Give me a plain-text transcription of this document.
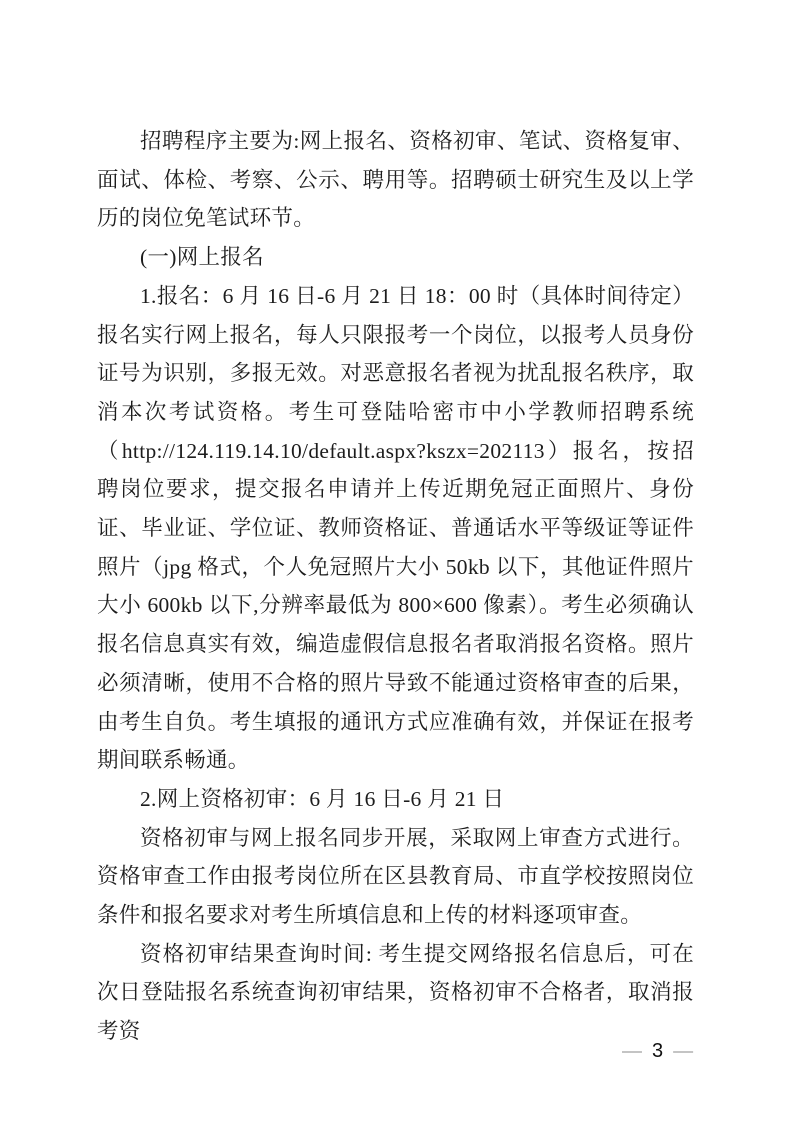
招聘程序主要为:网上报名、资格初审、笔试、资格复审、面试、体检、考察、公示、聘用等。招聘硕士研究生及以上学历的岗位免笔试环节。
(一)网上报名
1.报名：6 月 16 日-6 月 21 日 18：00 时（具体时间待定）报名实行网上报名，每人只限报考一个岗位，以报考人员身份证号为识别，多报无效。对恶意报名者视为扰乱报名秩序，取消本次考试资格。考生可登陆哈密市中小学教师招聘系统（http://124.119.14.10/default.aspx?kszx=202113）报名，按招聘岗位要求，提交报名申请并上传近期免冠正面照片、身份证、毕业证、学位证、教师资格证、普通话水平等级证等证件照片（jpg 格式，个人免冠照片大小 50kb 以下，其他证件照片大小 600kb 以下,分辨率最低为 800×600 像素）。考生必须确认报名信息真实有效，编造虚假信息报名者取消报名资格。照片必须清晰，使用不合格的照片导致不能通过资格审查的后果，由考生自负。考生填报的通讯方式应准确有效，并保证在报考期间联系畅通。
2.网上资格初审：6 月 16 日-6 月 21 日
资格初审与网上报名同步开展，采取网上审查方式进行。资格审查工作由报考岗位所在区县教育局、市直学校按照岗位条件和报名要求对考生所填信息和上传的材料逐项审查。
资格初审结果查询时间: 考生提交网络报名信息后，可在次日登陆报名系统查询初审结果，资格初审不合格者，取消报考资
— 3 —
